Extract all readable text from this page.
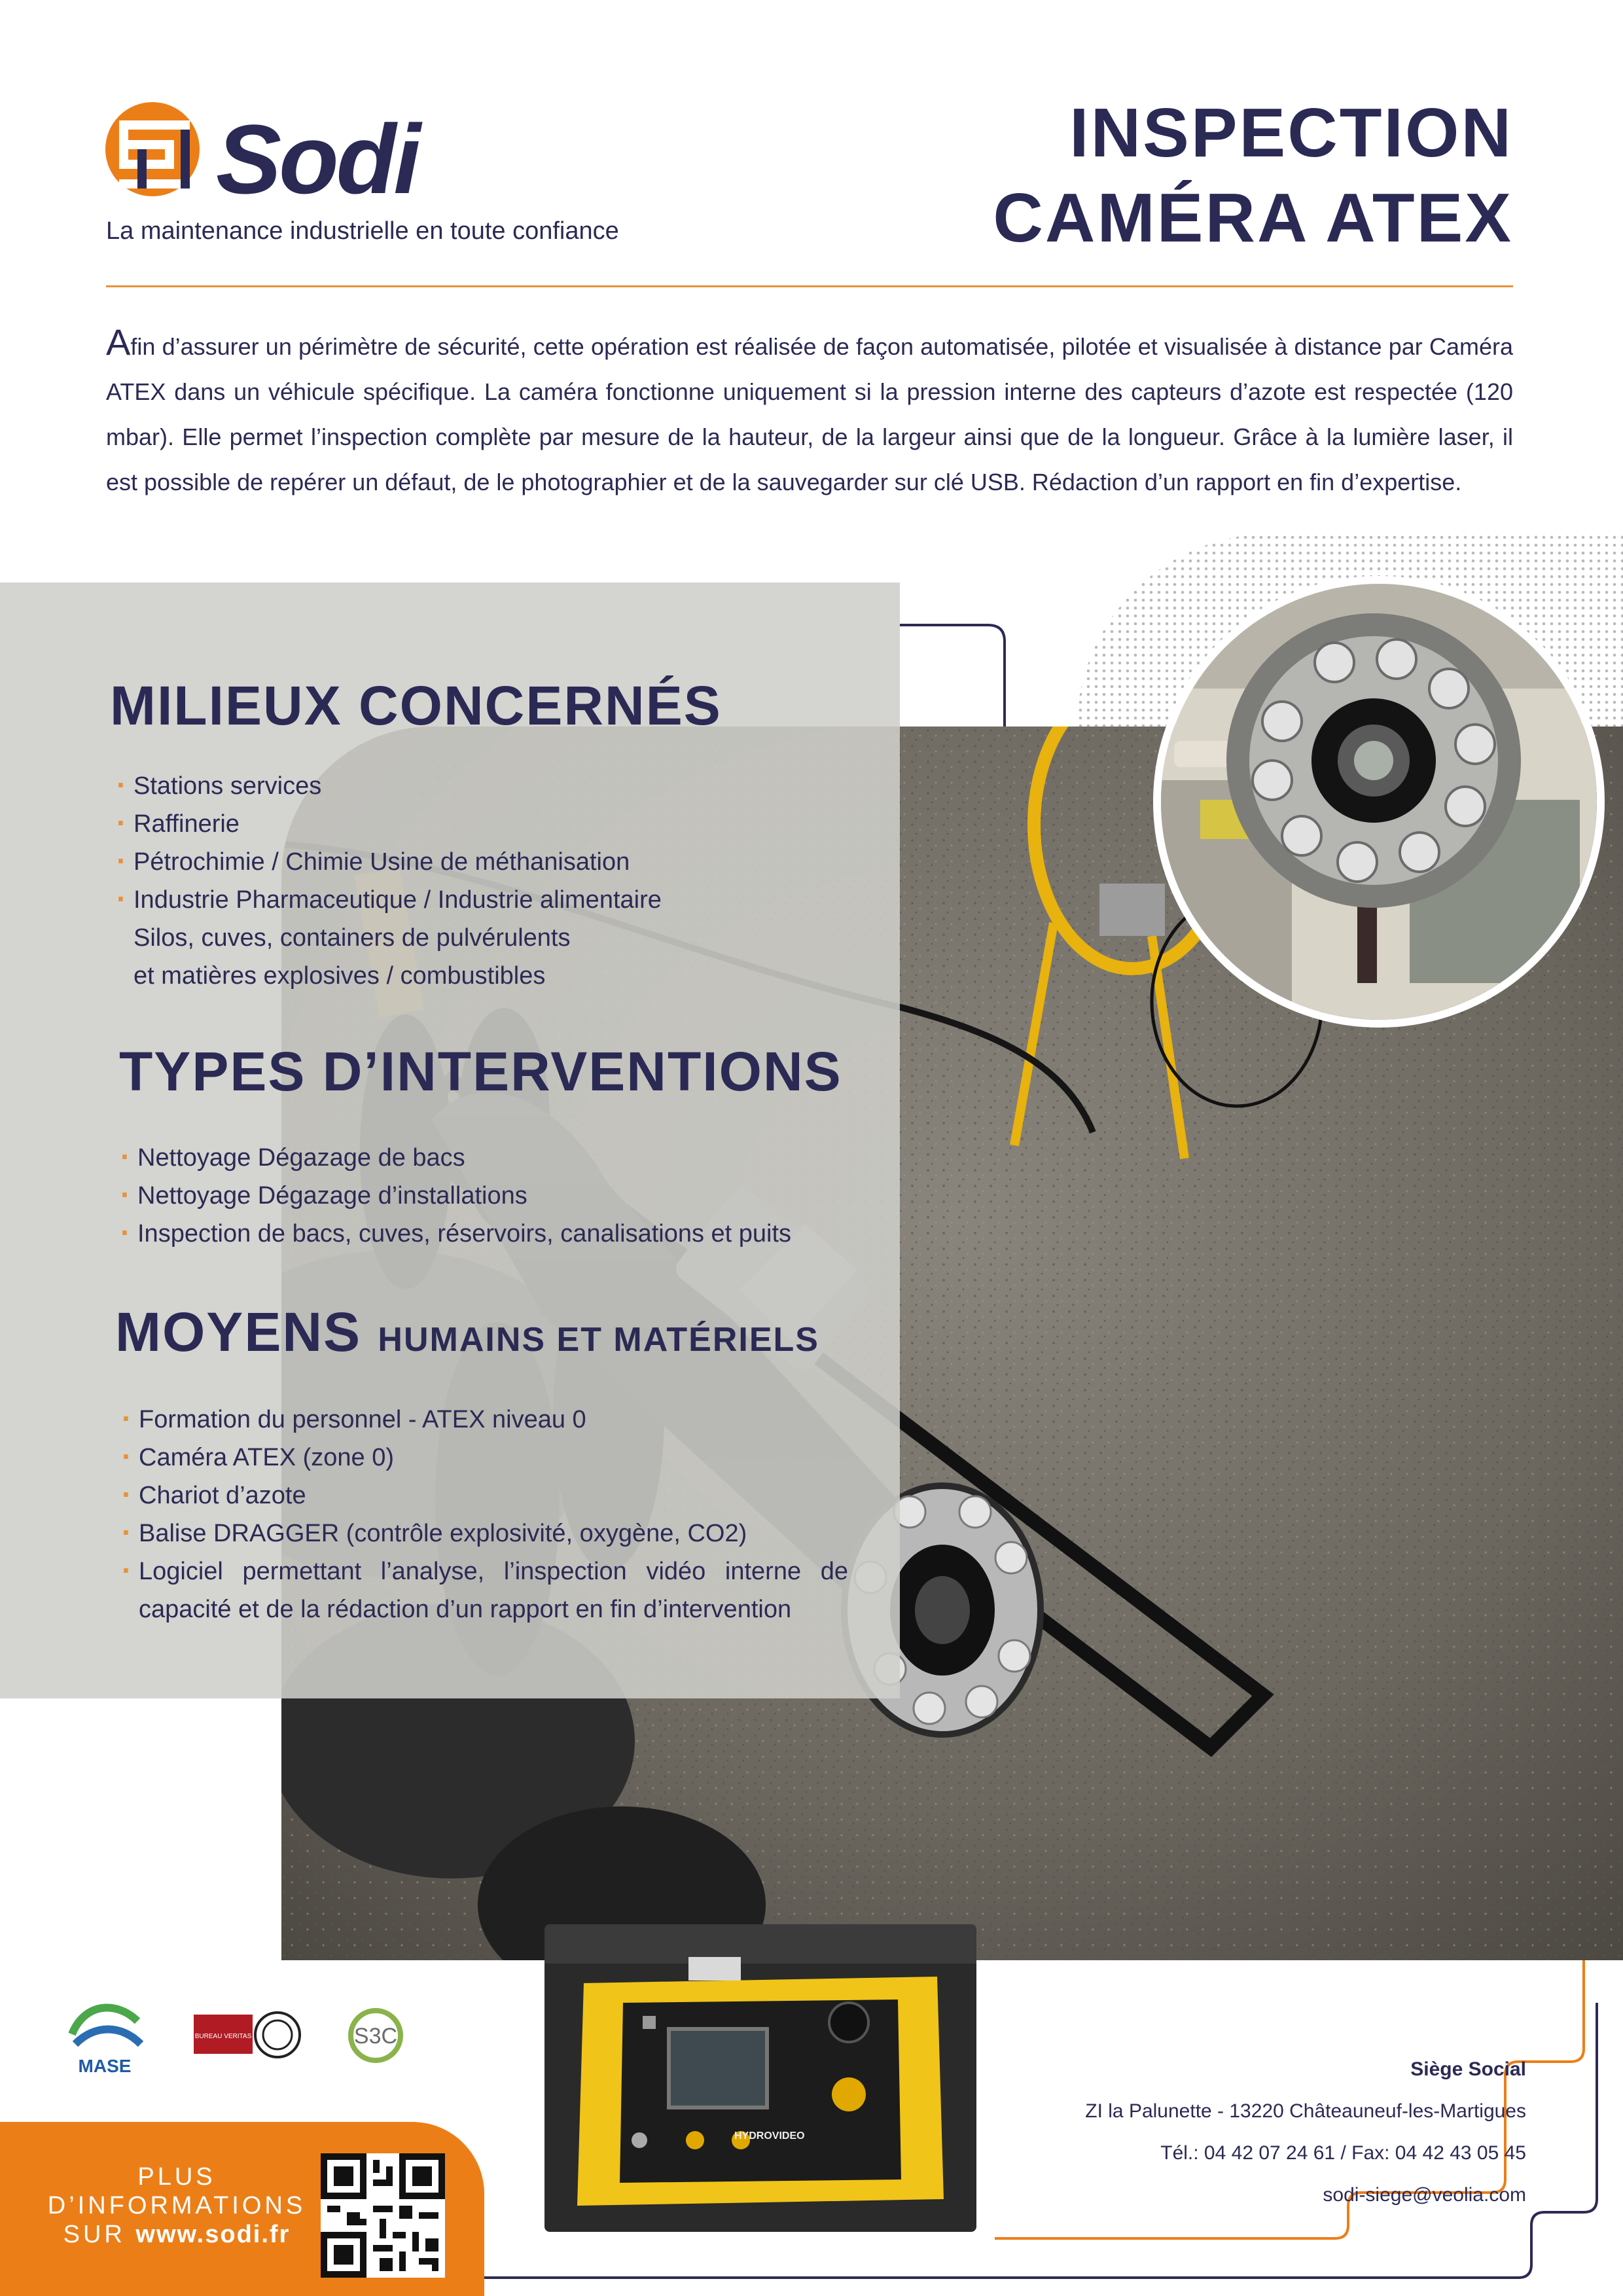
Sodi
La maintenance industrielle en toute confiance
INSPECTION
CAMÉRA ATEX
Afin d’assurer un périmètre de sécurité, cette opération est réalisée de façon automatisée, pilotée et visualisée à distance par Caméra ATEX dans un véhicule spécifique. La caméra fonctionne uniquement si la pression interne des capteurs d’azote est respectée (120 mbar). Elle permet l’inspection complète par mesure de la hauteur, de la largeur ainsi que de la longueur. Grâce à la lumière laser, il est possible de repérer un défaut, de le photographier et de la sauvegarder sur clé USB. Rédaction d’un rapport en fin d’expertise.
MILIEUX CONCERNÉS
· Stations services
· Raffinerie
· Pétrochimie / Chimie Usine de méthanisation
· Industrie Pharmaceutique / Industrie alimentaire
Silos, cuves, containers de pulvérulents
et matières explosives / combustibles
TYPES D’INTERVENTIONS
· Nettoyage Dégazage de bacs
· Nettoyage Dégazage d’installations
· Inspection de bacs, cuves, réservoirs, canalisations et puits
MOYENS HUMAINS ET MATÉRIELS
· Formation du personnel - ATEX niveau 0
· Caméra ATEX (zone 0)
· Chariot d’azote
· Balise DRAGGER (contrôle explosivité, oxygène, CO2)
· Logiciel permettant l’analyse, l’inspection vidéo interne de capacité et de la rédaction d’un rapport en fin d’intervention
HYDROVIDEO
MASE
BUREAU VERITAS	S3C
Siège Social
ZI la Palunette - 13220 Châteauneuf-les-Martigues
Tél.: 04 42 07 24 61 / Fax: 04 42 43 05 45
sodi-siege@veolia.com
PLUS
D’INFORMATIONS
SUR www.sodi.fr
